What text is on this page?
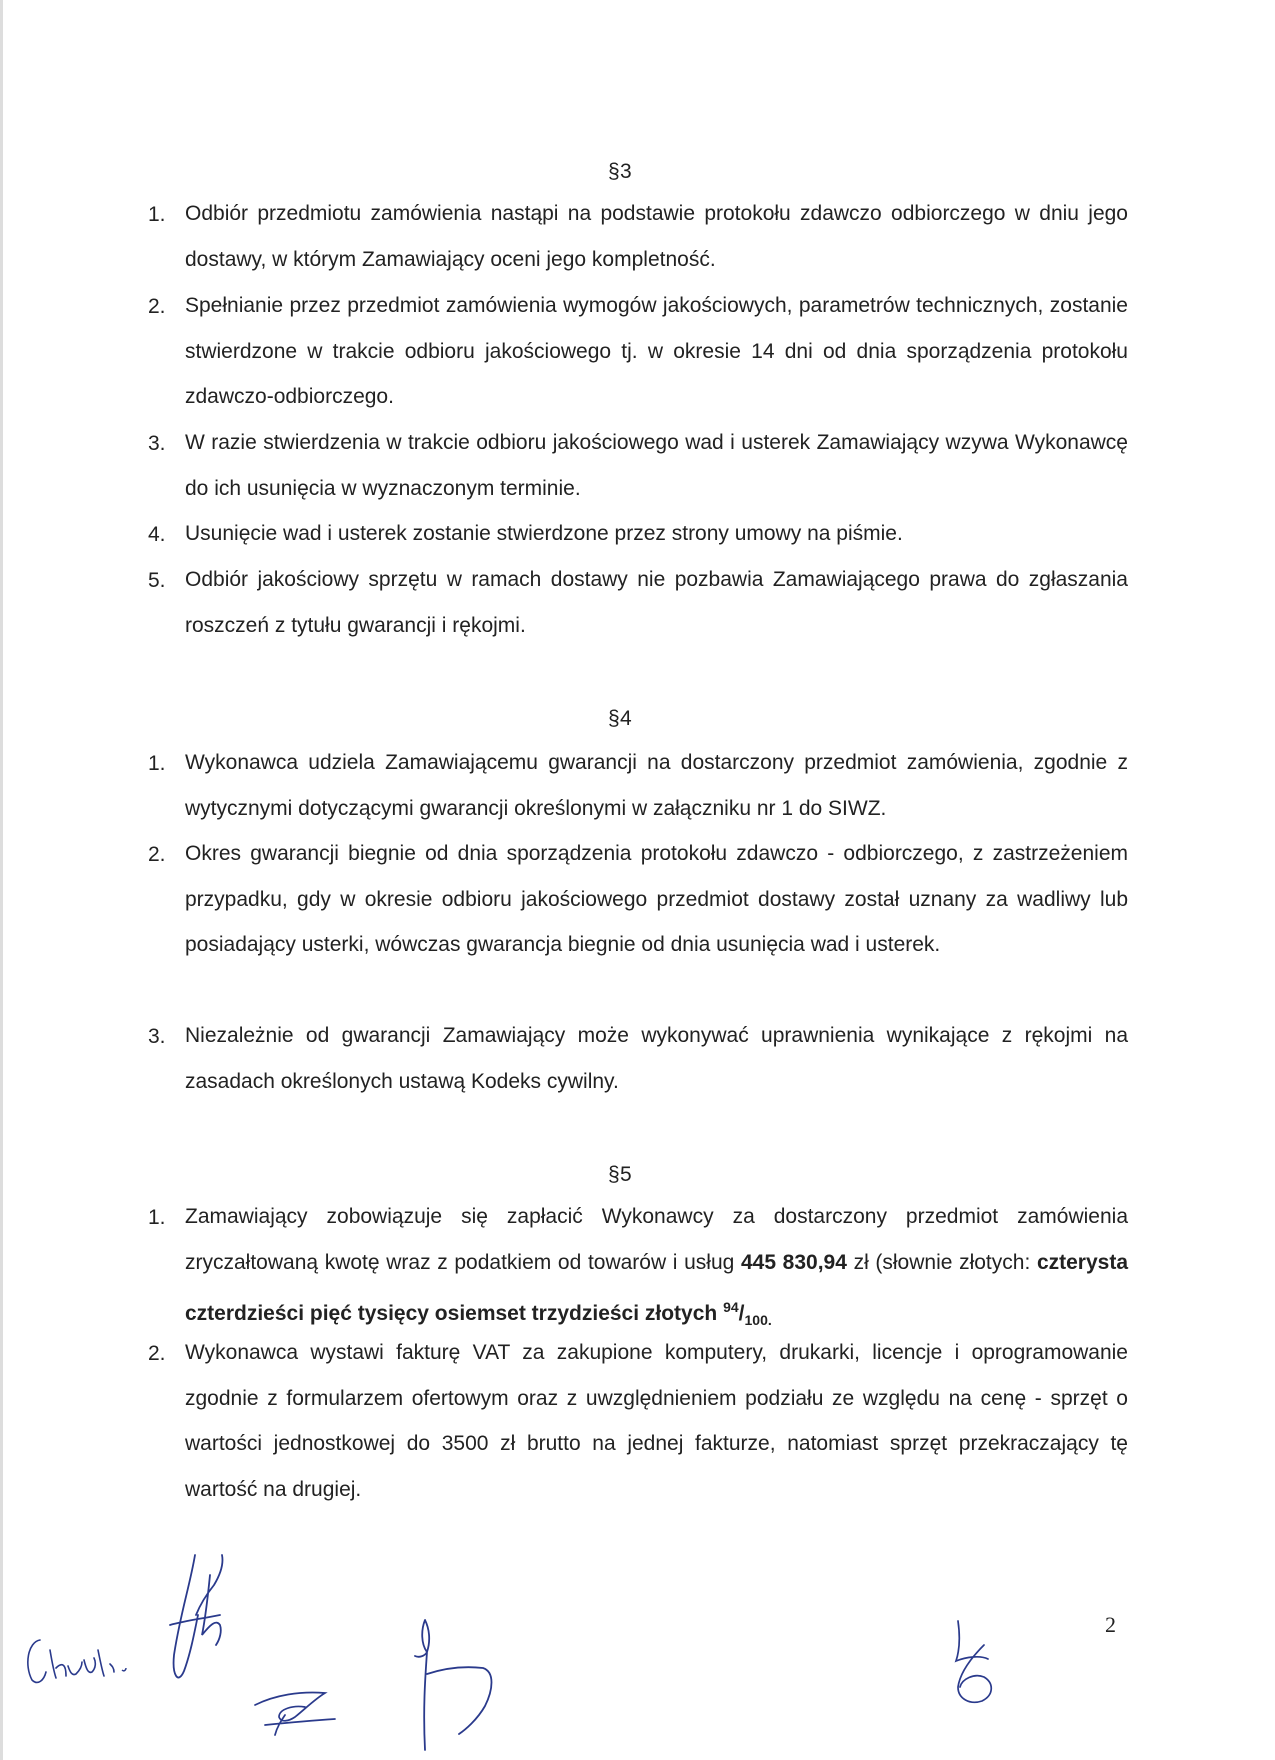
§3
1. Odbiór przedmiotu zamówienia nastąpi na podstawie protokołu zdawczo odbiorczego w dniu jego dostawy, w którym Zamawiający oceni jego kompletność.
2. Spełnianie przez przedmiot zamówienia wymogów jakościowych, parametrów technicznych, zostanie stwierdzone w trakcie odbioru jakościowego tj. w okresie 14 dni od dnia sporządzenia protokołu zdawczo-odbiorczego.
3. W razie stwierdzenia w trakcie odbioru jakościowego wad i usterek Zamawiający wzywa Wykonawcę do ich usunięcia w wyznaczonym terminie.
4. Usunięcie wad i usterek zostanie stwierdzone przez strony umowy na piśmie.
5. Odbiór jakościowy sprzętu w ramach dostawy nie pozbawia Zamawiającego prawa do zgłaszania roszczeń z tytułu gwarancji i rękojmi.
§4
1. Wykonawca udziela Zamawiającemu gwarancji na dostarczony przedmiot zamówienia, zgodnie z wytycznymi dotyczącymi gwarancji określonymi w załączniku nr 1 do SIWZ.
2. Okres gwarancji biegnie od dnia sporządzenia protokołu zdawczo - odbiorczego, z zastrzeżeniem przypadku, gdy w okresie odbioru jakościowego przedmiot dostawy został uznany za wadliwy lub posiadający usterki, wówczas gwarancja biegnie od dnia usunięcia wad i usterek.
3. Niezależnie od gwarancji Zamawiający może wykonywać uprawnienia wynikające z rękojmi na zasadach określonych ustawą Kodeks cywilny.
§5
1. Zamawiający zobowiązuje się zapłacić Wykonawcy za dostarczony przedmiot zamówienia zryczałtowaną kwotę wraz z podatkiem od towarów i usług 445 830,94 zł (słownie złotych: czterysta czterdzieści pięć tysięcy osiemset trzydzieści złotych $^{94}/_{100.}$
2. Wykonawca wystawi fakturę VAT za zakupione komputery, drukarki, licencje i oprogramowanie zgodnie z formularzem ofertowym oraz z uwzględnieniem podziału ze względu na cenę - sprzęt o wartości jednostkowej do 3500 zł brutto na jednej fakturze, natomiast sprzęt przekraczający tę wartość na drugiej.
2
